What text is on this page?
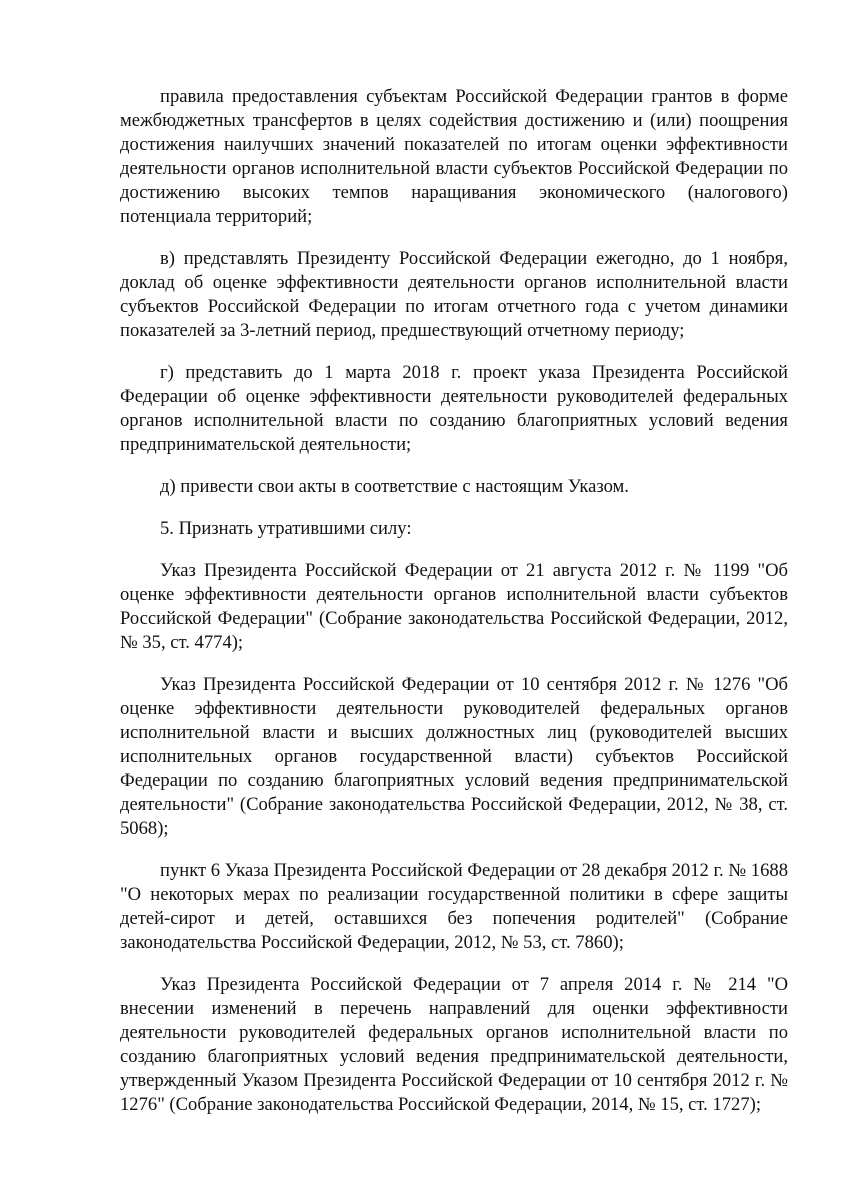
правила предоставления субъектам Российской Федерации грантов в форме межбюджетных трансфертов в целях содействия достижению и (или) поощрения достижения наилучших значений показателей по итогам оценки эффективности деятельности органов исполнительной власти субъектов Российской Федерации по достижению высоких темпов наращивания экономического (налогового) потенциала территорий;

в) представлять Президенту Российской Федерации ежегодно, до 1 ноября, доклад об оценке эффективности деятельности органов исполнительной власти субъектов Российской Федерации по итогам отчетного года с учетом динамики показателей за 3-летний период, предшествующий отчетному периоду;

г) представить до 1 марта 2018 г. проект указа Президента Российской Федерации об оценке эффективности деятельности руководителей федеральных органов исполнительной власти по созданию благоприятных условий ведения предпринимательской деятельности;

д) привести свои акты в соответствие с настоящим Указом.

5. Признать утратившими силу:

Указ Президента Российской Федерации от 21 августа 2012 г. № 1199 "Об оценке эффективности деятельности органов исполнительной власти субъектов Российской Федерации" (Собрание законодательства Российской Федерации, 2012, № 35, ст. 4774);

Указ Президента Российской Федерации от 10 сентября 2012 г. № 1276 "Об оценке эффективности деятельности руководителей федеральных органов исполнительной власти и высших должностных лиц (руководителей высших исполнительных органов государственной власти) субъектов Российской Федерации по созданию благоприятных условий ведения предпринимательской деятельности" (Собрание законодательства Российской Федерации, 2012, № 38, ст. 5068);

пункт 6 Указа Президента Российской Федерации от 28 декабря 2012 г. № 1688 "О некоторых мерах по реализации государственной политики в сфере защиты детей-сирот и детей, оставшихся без попечения родителей" (Собрание законодательства Российской Федерации, 2012, № 53, ст. 7860);

Указ Президента Российской Федерации от 7 апреля 2014 г. № 214 "О внесении изменений в перечень направлений для оценки эффективности деятельности руководителей федеральных органов исполнительной власти по созданию благоприятных условий ведения предпринимательской деятельности, утвержденный Указом Президента Российской Федерации от 10 сентября 2012 г. № 1276" (Собрание законодательства Российской Федерации, 2014, № 15, ст. 1727);
